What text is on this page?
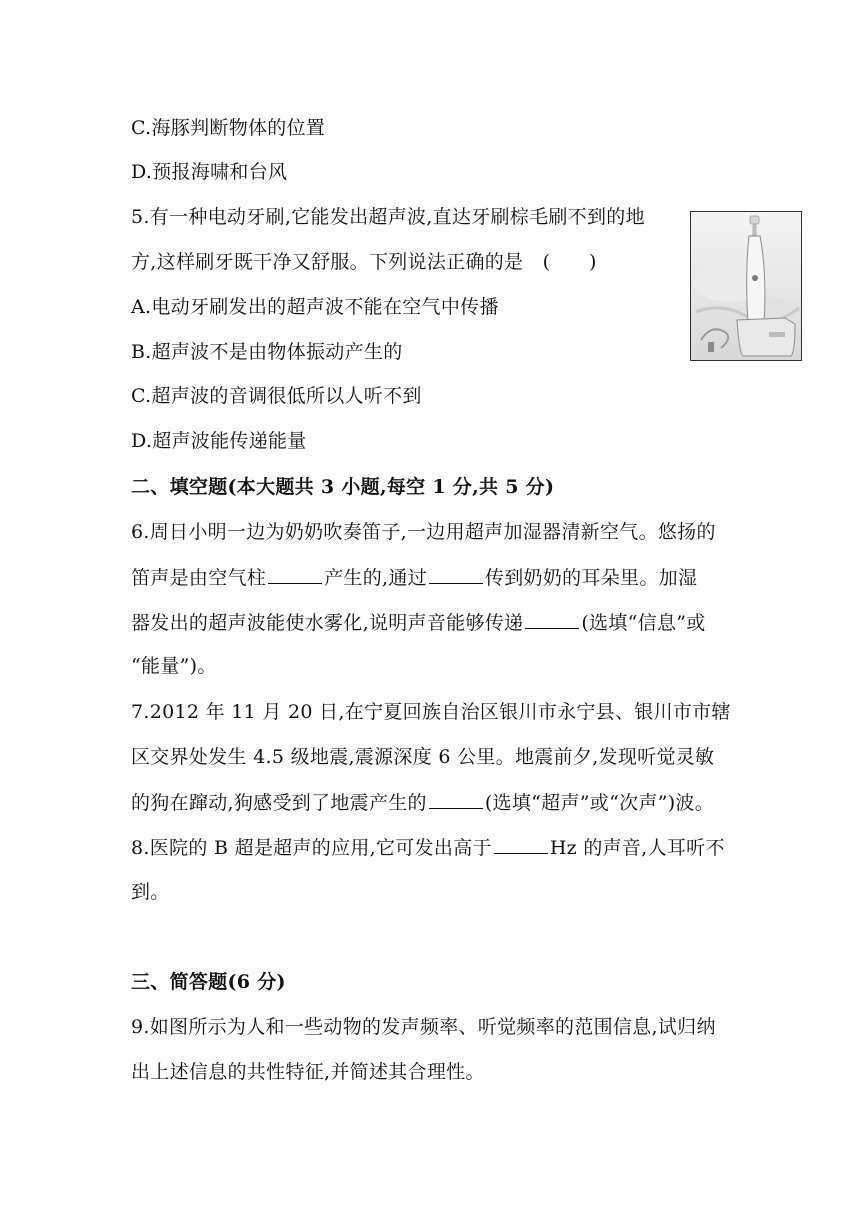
C.海豚判断物体的位置
D.预报海啸和台风
5.有一种电动牙刷,它能发出超声波,直达牙刷棕毛刷不到的地
方,这样刷牙既干净又舒服。下列说法正确的是　(　　)
A.电动牙刷发出的超声波不能在空气中传播
B.超声波不是由物体振动产生的
C.超声波的音调很低所以人听不到
D.超声波能传递能量
二、填空题(本大题共 3 小题,每空 1 分,共 5 分)
6.周日小明一边为奶奶吹奏笛子,一边用超声加湿器清新空气。悠扬的
笛声是由空气柱	产生的,通过	传到奶奶的耳朵里。加湿
器发出的超声波能使水雾化,说明声音能够传递	(选填“信息”或
“能量”)。
7.2012 年 11 月 20 日,在宁夏回族自治区银川市永宁县、银川市市辖
区交界处发生 4.5 级地震,震源深度 6 公里。地震前夕,发现听觉灵敏
的狗在蹿动,狗感受到了地震产生的	(选填“超声”或“次声”)波。
8.医院的 B 超是超声的应用,它可发出高于	Hz 的声音,人耳听不
到。
三、简答题(6 分)
9.如图所示为人和一些动物的发声频率、听觉频率的范围信息,试归纳
出上述信息的共性特征,并简述其合理性。
